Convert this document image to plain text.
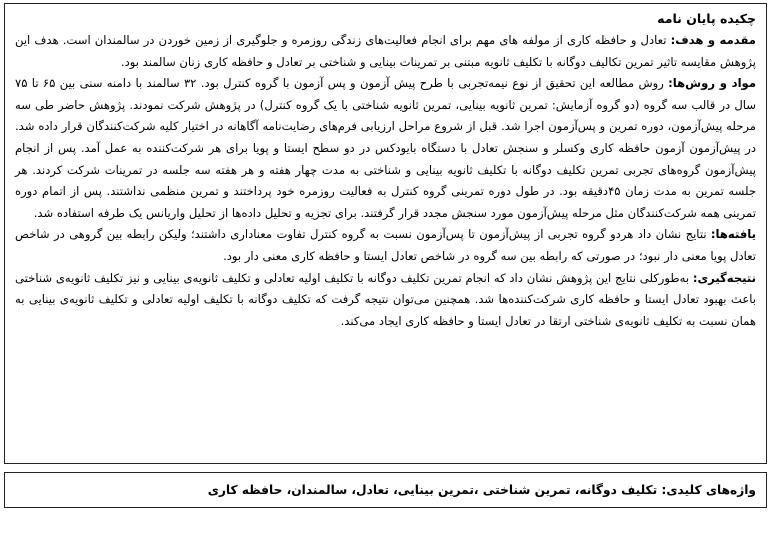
چکیده پایان نامه

مقدمه و هدف: تعادل و حافظه کاری از مولفه های مهم برای انجام فعالیت‌های زندگی روزمره و جلوگیری از زمین خوردن در سالمندان است. هدف این پژوهش مقایسه تاثیر تمرین تکالیف دوگانه با تکلیف ثانویه مبتنی بر تمرینات بینایی و شناختی بر تعادل و حافظه کاری زنان سالمند بود.

مواد و روش‌ها: روش مطالعه این تحقیق از نوع نیمه‌تجربی با طرح پیش آزمون و پس آزمون با گروه کنترل بود. ۳۲ سالمند با دامنه سنی بین ۶۵ تا ۷۵ سال در قالب سه گروه (دو گروه آزمایش: تمرین ثانویه بینایی، تمرین ثانویه شناختی با یک گروه کنترل) در پژوهش شرکت نمودند. پژوهش حاضر طی سه مرحله پیش‌آزمون، دوره تمرین و پس‌آزمون اجرا شد. قبل از شروع مراحل ارزیابی فرم‌های رضایت‌نامه آگاهانه در اختیار کلیه شرکت‌کنندگان قرار داده شد. در پیش‌آزمون آزمون حافظه کاری وکسلر و سنجش تعادل با دستگاه بایودکس در دو سطح ایستا و پویا برای هر شرکت‌کننده به عمل آمد. پس از انجام پیش‌آزمون گروه‌های تجربی تمرین تکلیف دوگانه با تکلیف ثانویه بینایی و شناختی به مدت چهار هفته و هر هفته سه جلسه در تمرینات شرکت کردند. هر جلسه تمرین به مدت زمان ۴۵دقیقه بود. در طول دوره تمرینی گروه کنترل به فعالیت روزمره خود پرداختند و تمرین منظمی نداشتند. پس از اتمام دوره تمرینی همه شرکت‌کنندگان مثل مرحله پیش‌آزمون مورد سنجش مجدد قرار گرفتند. برای تجزیه و تحلیل داده‌ها از تحلیل واریانس یک طرفه استفاده شد.

یافته‌ها: نتایج نشان داد هردو گروه تجربی از پیش‌آزمون تا پس‌آزمون نسبت به گروه کنترل تفاوت معناداری داشتند؛ ولیکن رابطه بین گروهی در شاخص تعادل پویا معنی دار نبود؛ در صورتی که رابطه بین سه گروه در شاخص تعادل ایستا و حافظه کاری معنی دار بود.

نتیجه‌گیری: به‌طورکلی نتایج این پژوهش نشان داد که انجام تمرین تکلیف دوگانه با تکلیف اولیه تعادلی و تکلیف ثانویه‌ی بینایی و نیز تکلیف ثانویه‌ی شناختی باعث بهبود تعادل ایستا و حافظه کاری شرکت‌کننده‌ها شد. همچنین می‌توان نتیجه گرفت که تکلیف دوگانه با تکلیف اولیه تعادلی و تکلیف ثانویه‌ی بینایی به همان نسبت به تکلیف ثانویه‌ی شناختی ارتقا در تعادل ایستا و حافظه کاری ایجاد می‌کند.

واژه‌های کلیدی: تکلیف دوگانه، تمرین شناختی ،تمرین بینایی، تعادل، سالمندان، حافظه کاری
